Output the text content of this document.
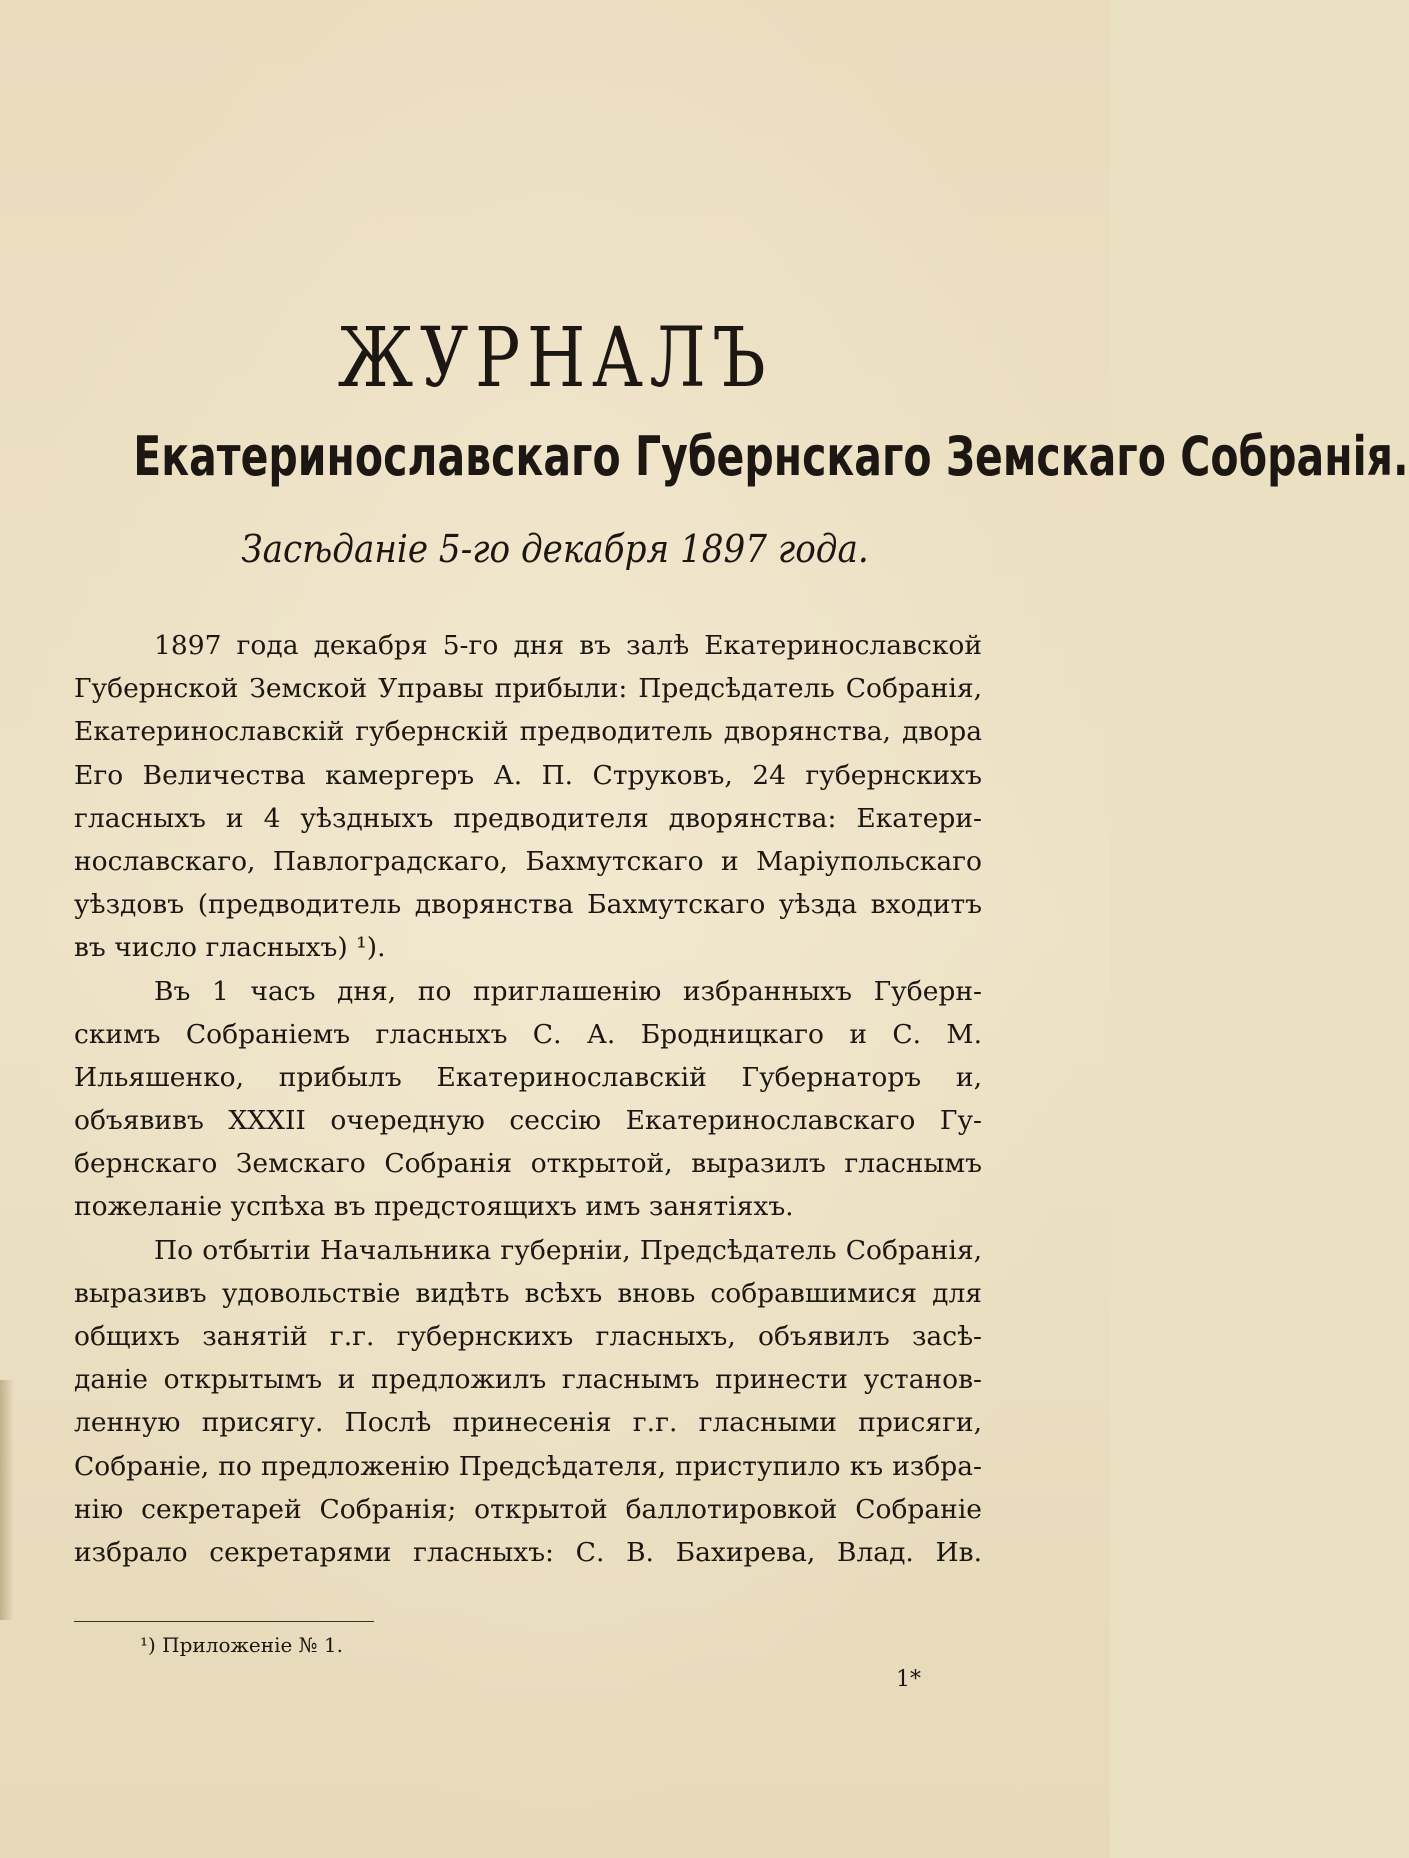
ЖУРНАЛЪ
Екатеринославскаго Губернскаго Земскаго Собранія.
Засѣданіе 5-го декабря 1897 года.

1897 года декабря 5-го дня въ залѣ Екатеринославской
Губернской Земской Управы прибыли: Предсѣдатель Собранія,
Екатеринославскій губернскій предводитель дворянства, двора
Его Величества камергеръ А. П. Струковъ, 24 губернскихъ
гласныхъ и 4 уѣздныхъ предводителя дворянства: Екатери-
нославскаго, Павлоградскаго, Бахмутскаго и Маріупольскаго
уѣздовъ (предводитель дворянства Бахмутскаго уѣзда входитъ
въ число гласныхъ) ¹).

Въ 1 часъ дня, по приглашенію избранныхъ Губерн-
скимъ Собраніемъ гласныхъ С. А. Бродницкаго и С. М.
Ильяшенко, прибылъ Екатеринославскій Губернаторъ и,
объявивъ XXXII очередную сессію Екатеринославскаго Гу-
бернскаго Земскаго Собранія открытой, выразилъ гласнымъ
пожеланіе успѣха въ предстоящихъ имъ занятіяхъ.

По отбытіи Начальника губерніи, Предсѣдатель Собранія,
выразивъ удовольствіе видѣть всѣхъ вновь собравшимися для
общихъ занятій г.г. губернскихъ гласныхъ, объявилъ засѣ-
даніе открытымъ и предложилъ гласнымъ принести установ-
ленную присягу. Послѣ принесенія г.г. гласными присяги,
Собраніе, по предложенію Предсѣдателя, приступило къ избра-
нію секретарей Собранія; открытой баллотировкой Собраніе
избрало секретарями гласныхъ: С. В. Бахирева, Влад. Ив.

¹) Приложеніе № 1.
1*
